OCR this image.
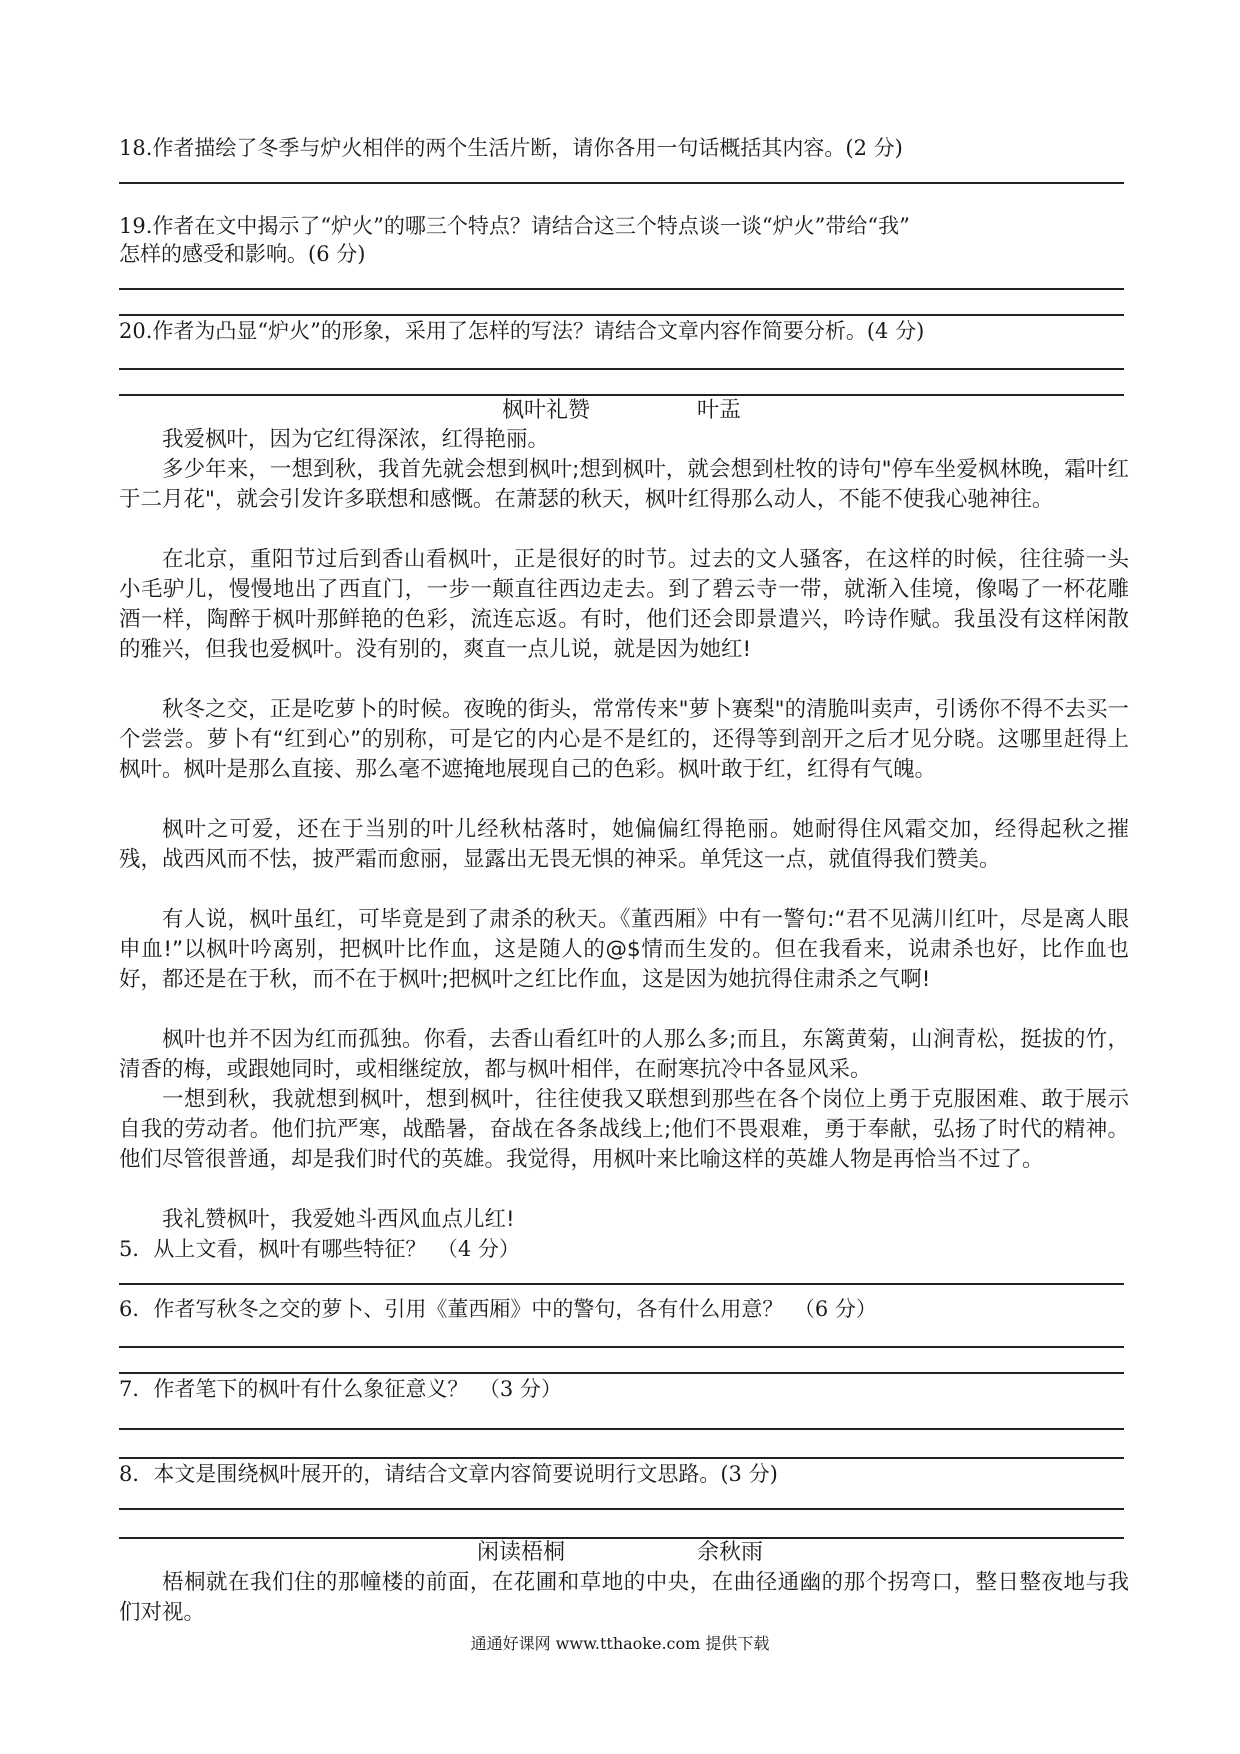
18.作者描绘了冬季与炉火相伴的两个生活片断，请你各用一句话概括其内容。(2 分)
19.作者在文中揭示了“炉火”的哪三个特点？请结合这三个特点谈一谈“炉火”带给“我”
怎样的感受和影响。(6 分)
20.作者为凸显“炉火”的形象，采用了怎样的写法？请结合文章内容作简要分析。(4 分)
枫叶礼赞	叶盂
我爱枫叶，因为它红得深浓，红得艳丽。
多少年来，一想到秋，我首先就会想到枫叶;想到枫叶，就会想到杜牧的诗句"停车坐爱枫林晚，霜叶红于二月花"，就会引发许多联想和感慨。在萧瑟的秋天，枫叶红得那么动人，不能不使我心驰神往。
在北京，重阳节过后到香山看枫叶，正是很好的时节。过去的文人骚客，在这样的时候，往往骑一头小毛驴儿，慢慢地出了西直门，一步一颠直往西边走去。到了碧云寺一带，就渐入佳境，像喝了一杯花雕酒一样，陶醉于枫叶那鲜艳的色彩，流连忘返。有时，他们还会即景遣兴，吟诗作赋。我虽没有这样闲散的雅兴，但我也爱枫叶。没有别的，爽直一点儿说，就是因为她红!
秋冬之交，正是吃萝卜的时候。夜晚的街头，常常传来"萝卜赛梨"的清脆叫卖声，引诱你不得不去买一个尝尝。萝卜有“红到心”的别称，可是它的内心是不是红的，还得等到剖开之后才见分晓。这哪里赶得上枫叶。枫叶是那么直接、那么毫不遮掩地展现自己的色彩。枫叶敢于红，红得有气魄。
枫叶之可爱，还在于当别的叶儿经秋枯落时，她偏偏红得艳丽。她耐得住风霜交加，经得起秋之摧残，战西风而不怯，披严霜而愈丽，显露出无畏无惧的神采。单凭这一点，就值得我们赞美。
有人说，枫叶虽红，可毕竟是到了肃杀的秋天。《董西厢》中有一警句:“君不见满川红叶，尽是离人眼申血!”以枫叶吟离别，把枫叶比作血，这是随人的@$情而生发的。但在我看来，说肃杀也好，比作血也好，都还是在于秋，而不在于枫叶;把枫叶之红比作血，这是因为她抗得住肃杀之气啊!
枫叶也并不因为红而孤独。你看，去香山看红叶的人那么多;而且，东篱黄菊，山涧青松，挺拔的竹，清香的梅，或跟她同时，或相继绽放，都与枫叶相伴，在耐寒抗冷中各显风采。
一想到秋，我就想到枫叶，想到枫叶，往往使我又联想到那些在各个岗位上勇于克服困难、敢于展示自我的劳动者。他们抗严寒，战酷暑，奋战在各条战线上;他们不畏艰难，勇于奉献，弘扬了时代的精神。他们尽管很普通，却是我们时代的英雄。我觉得，用枫叶来比喻这样的英雄人物是再恰当不过了。
我礼赞枫叶，我爱她斗西风血点儿红!
5．从上文看，枫叶有哪些特征？　（4 分）
6．作者写秋冬之交的萝卜、引用《董西厢》中的警句，各有什么用意？　（6 分）
7．作者笔下的枫叶有什么象征意义？　（3 分）
8．本文是围绕枫叶展开的，请结合文章内容简要说明行文思路。(3 分)
闲读梧桐	余秋雨
梧桐就在我们住的那幢楼的前面，在花圃和草地的中央，在曲径通幽的那个拐弯口，整日整夜地与我们对视。
通通好课网 www.tthaoke.com 提供下载
